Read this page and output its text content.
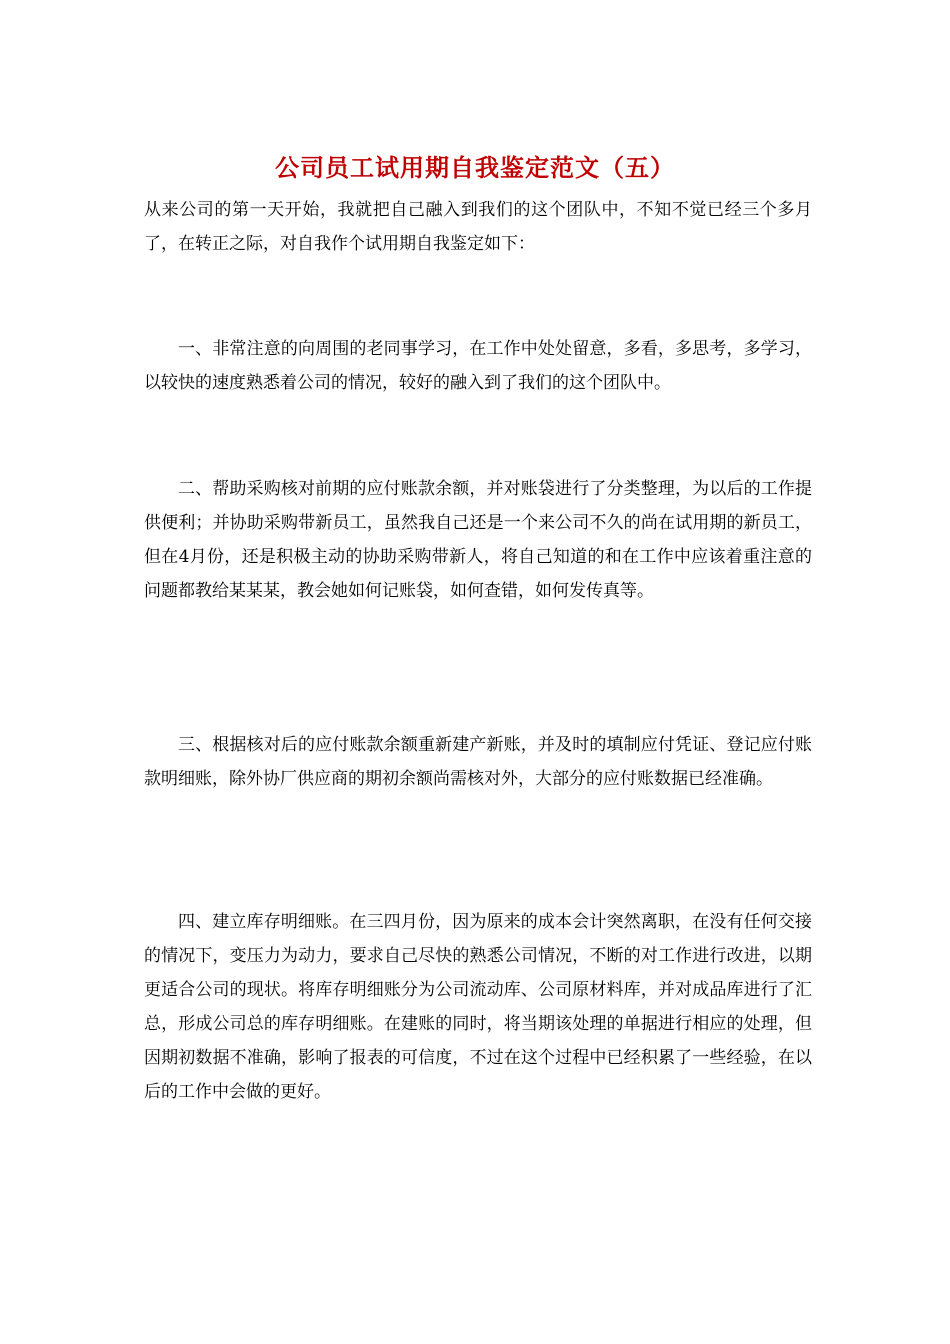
公司员工试用期自我鉴定范文（五）

从来公司的第一天开始，我就把自己融入到我们的这个团队中，不知不觉已经三个多月了，在转正之际，对自我作个试用期自我鉴定如下：

一、非常注意的向周围的老同事学习，在工作中处处留意，多看，多思考，多学习，以较快的速度熟悉着公司的情况，较好的融入到了我们的这个团队中。

二、帮助采购核对前期的应付账款余额，并对账袋进行了分类整理，为以后的工作提供便利；并协助采购带新员工，虽然我自己还是一个来公司不久的尚在试用期的新员工，但在4月份，还是积极主动的协助采购带新人，将自己知道的和在工作中应该着重注意的问题都教给某某某，教会她如何记账袋，如何查错，如何发传真等。

三、根据核对后的应付账款余额重新建产新账，并及时的填制应付凭证、登记应付账款明细账，除外协厂供应商的期初余额尚需核对外，大部分的应付账数据已经准确。

四、建立库存明细账。在三四月份，因为原来的成本会计突然离职，在没有任何交接的情况下，变压力为动力，要求自己尽快的熟悉公司情况，不断的对工作进行改进，以期更适合公司的现状。将库存明细账分为公司流动库、公司原材料库，并对成品库进行了汇总，形成公司总的库存明细账。在建账的同时，将当期该处理的单据进行相应的处理，但因期初数据不准确，影响了报表的可信度，不过在这个过程中已经积累了一些经验，在以后的工作中会做的更好。
